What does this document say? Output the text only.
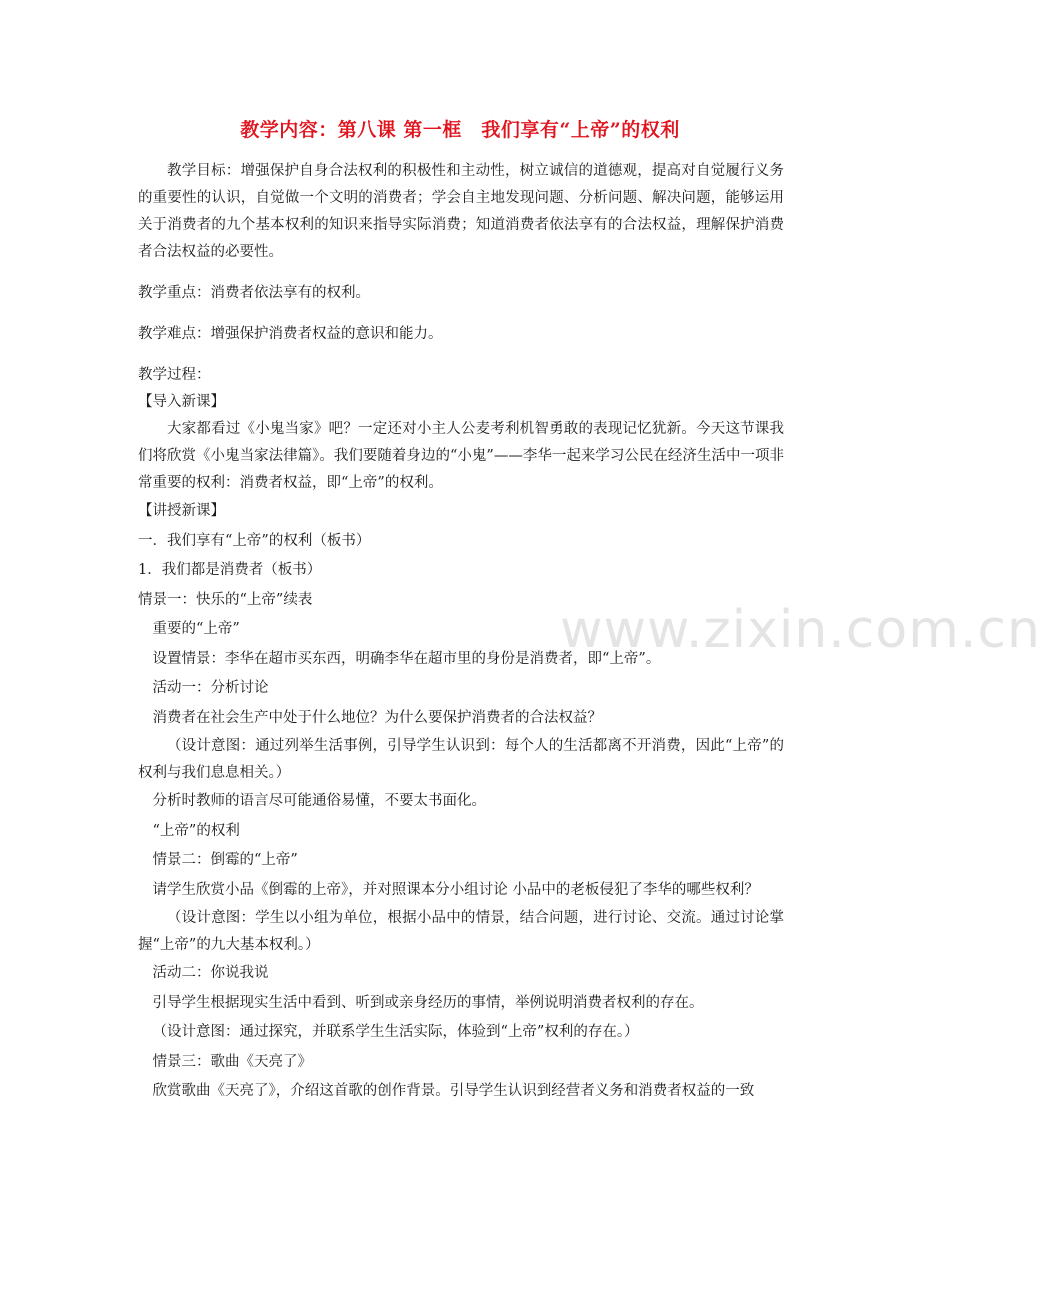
www.zixin.com.cn
教学内容：第八课 第一框　我们享有“上帝”的权利

教学目标：增强保护自身合法权利的积极性和主动性，树立诚信的道德观，提高对自觉履行义务的重要性的认识，自觉做一个文明的消费者；学会自主地发现问题、分析问题、解决问题，能够运用关于消费者的九个基本权利的知识来指导实际消费；知道消费者依法享有的合法权益，理解保护消费者合法权益的必要性。

教学重点：消费者依法享有的权利。

教学难点：增强保护消费者权益的意识和能力。

教学过程：

【导入新课】

大家都看过《小鬼当家》吧？一定还对小主人公麦考利机智勇敢的表现记忆犹新。今天这节课我们将欣赏《小鬼当家法律篇》。我们要随着身边的“小鬼”——李华一起来学习公民在经济生活中一项非常重要的权利：消费者权益，即“上帝”的权利。

【讲授新课】

一．我们享有“上帝”的权利（板书）

1．我们都是消费者（板书）

情景一：快乐的“上帝”续表

重要的“上帝”

设置情景：李华在超市买东西，明确李华在超市里的身份是消费者，即“上帝”。

活动一：分析讨论

消费者在社会生产中处于什么地位？为什么要保护消费者的合法权益？

（设计意图：通过列举生活事例，引导学生认识到：每个人的生活都离不开消费，因此“上帝”的权利与我们息息相关。）

分析时教师的语言尽可能通俗易懂，不要太书面化。

“上帝”的权利

情景二：倒霉的“上帝”

请学生欣赏小品《倒霉的上帝》，并对照课本分小组讨论 小品中的老板侵犯了李华的哪些权利？

（设计意图：学生以小组为单位，根据小品中的情景，结合问题，进行讨论、交流。通过讨论掌握“上帝”的九大基本权利。）

活动二：你说我说

引导学生根据现实生活中看到、听到或亲身经历的事情，举例说明消费者权利的存在。

（设计意图：通过探究，并联系学生生活实际，体验到“上帝”权利的存在。）

情景三：歌曲《天亮了》

欣赏歌曲《天亮了》，介绍这首歌的创作背景。引导学生认识到经营者义务和消费者权益的一致
